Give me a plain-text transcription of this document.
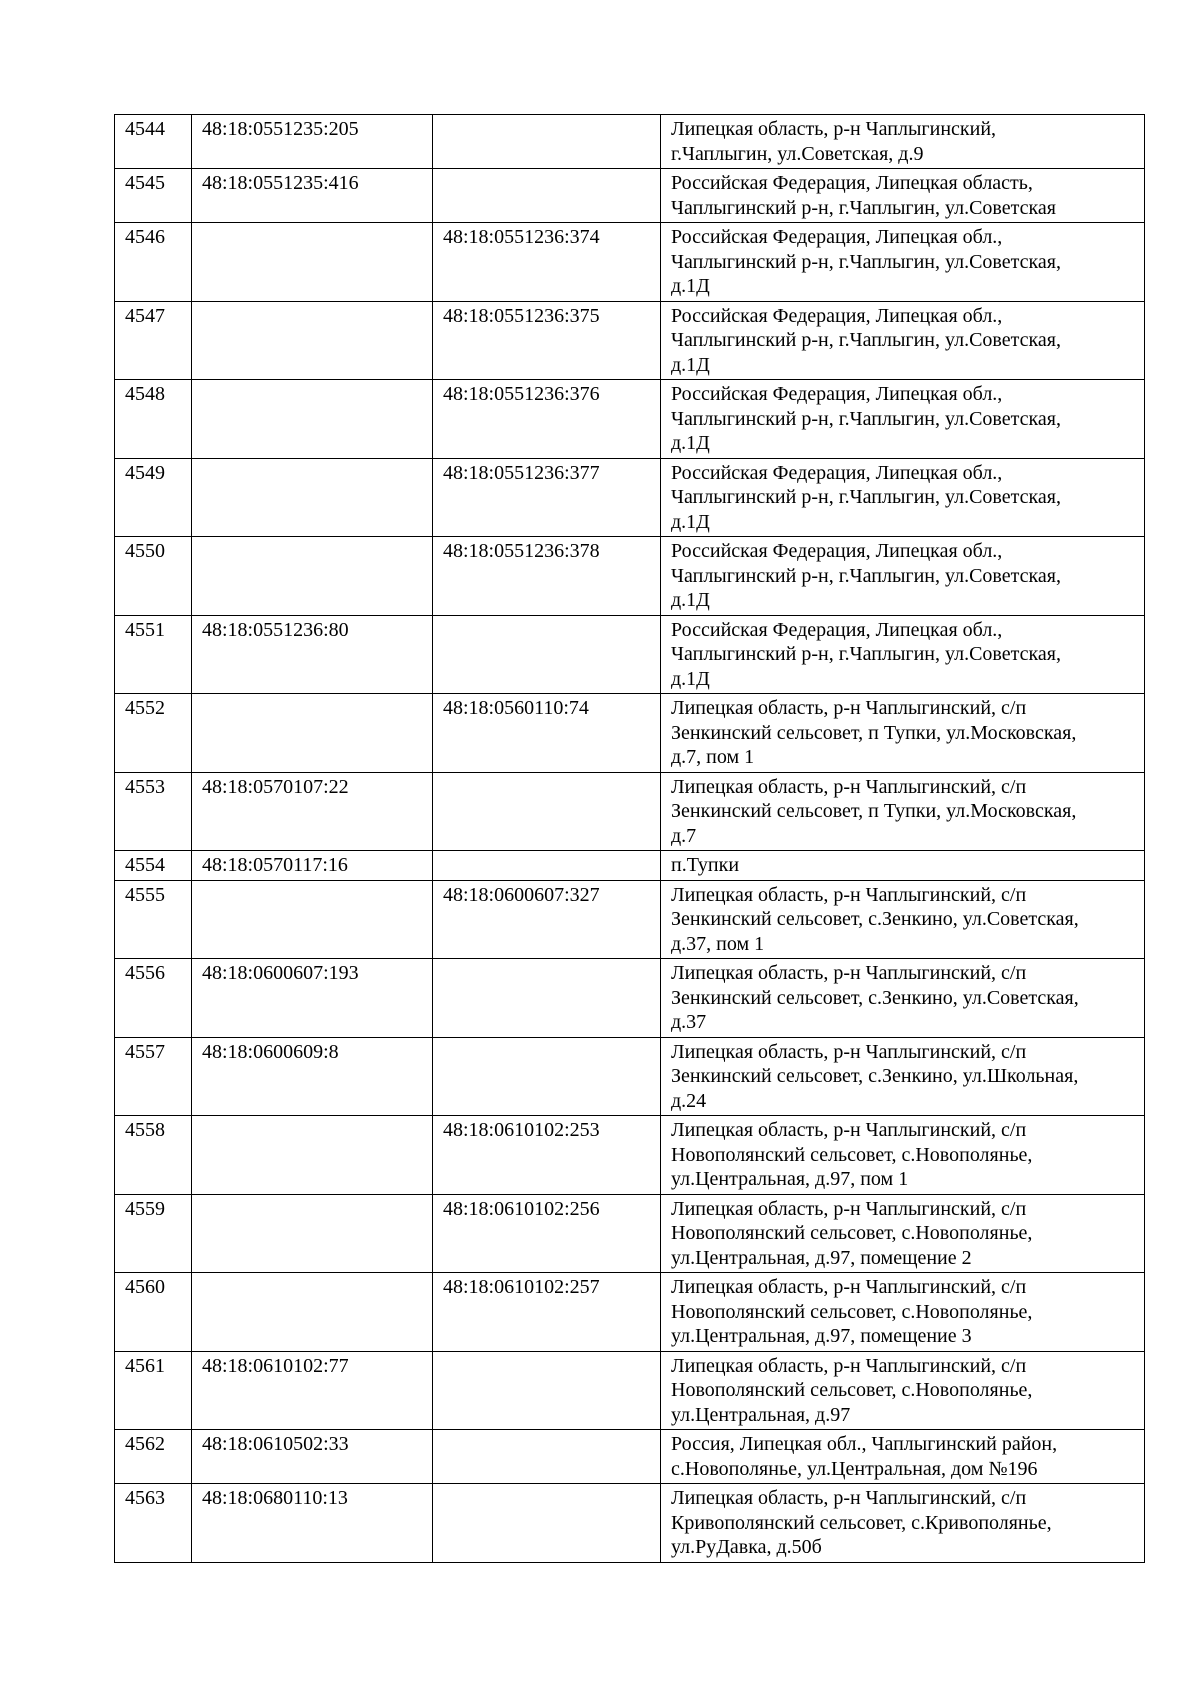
4544	48:18:0551235:205		Липецкая область, р-н Чаплыгинский,
г.Чаплыгин, ул.Советская, д.9
4545	48:18:0551235:416		Российская Федерация, Липецкая область,
Чаплыгинский р-н, г.Чаплыгин, ул.Советская
4546		48:18:0551236:374	Российская Федерация, Липецкая обл.,
Чаплыгинский р-н, г.Чаплыгин, ул.Советская,
д.1Д
4547		48:18:0551236:375	Российская Федерация, Липецкая обл.,
Чаплыгинский р-н, г.Чаплыгин, ул.Советская,
д.1Д
4548		48:18:0551236:376	Российская Федерация, Липецкая обл.,
Чаплыгинский р-н, г.Чаплыгин, ул.Советская,
д.1Д
4549		48:18:0551236:377	Российская Федерация, Липецкая обл.,
Чаплыгинский р-н, г.Чаплыгин, ул.Советская,
д.1Д
4550		48:18:0551236:378	Российская Федерация, Липецкая обл.,
Чаплыгинский р-н, г.Чаплыгин, ул.Советская,
д.1Д
4551	48:18:0551236:80		Российская Федерация, Липецкая обл.,
Чаплыгинский р-н, г.Чаплыгин, ул.Советская,
д.1Д
4552		48:18:0560110:74	Липецкая область, р-н Чаплыгинский, с/п
Зенкинский сельсовет, п Тупки, ул.Московская,
д.7, пом 1
4553	48:18:0570107:22		Липецкая область, р-н Чаплыгинский, с/п
Зенкинский сельсовет, п Тупки, ул.Московская,
д.7
4554	48:18:0570117:16		п.Тупки
4555		48:18:0600607:327	Липецкая область, р-н Чаплыгинский, с/п
Зенкинский сельсовет, с.Зенкино, ул.Советская,
д.37, пом 1
4556	48:18:0600607:193		Липецкая область, р-н Чаплыгинский, с/п
Зенкинский сельсовет, с.Зенкино, ул.Советская,
д.37
4557	48:18:0600609:8		Липецкая область, р-н Чаплыгинский, с/п
Зенкинский сельсовет, с.Зенкино, ул.Школьная,
д.24
4558		48:18:0610102:253	Липецкая область, р-н Чаплыгинский, с/п
Новополянский сельсовет, с.Новополянье,
ул.Центральная, д.97, пом 1
4559		48:18:0610102:256	Липецкая область, р-н Чаплыгинский, с/п
Новополянский сельсовет, с.Новополянье,
ул.Центральная, д.97, помещение 2
4560		48:18:0610102:257	Липецкая область, р-н Чаплыгинский, с/п
Новополянский сельсовет, с.Новополянье,
ул.Центральная, д.97, помещение 3
4561	48:18:0610102:77		Липецкая область, р-н Чаплыгинский, с/п
Новополянский сельсовет, с.Новополянье,
ул.Центральная, д.97
4562	48:18:0610502:33		Россия, Липецкая обл., Чаплыгинский район,
с.Новополянье, ул.Центральная, дом №196
4563	48:18:0680110:13		Липецкая область, р-н Чаплыгинский, с/п
Кривополянский сельсовет, с.Кривополянье,
ул.РуДавка, д.50б
